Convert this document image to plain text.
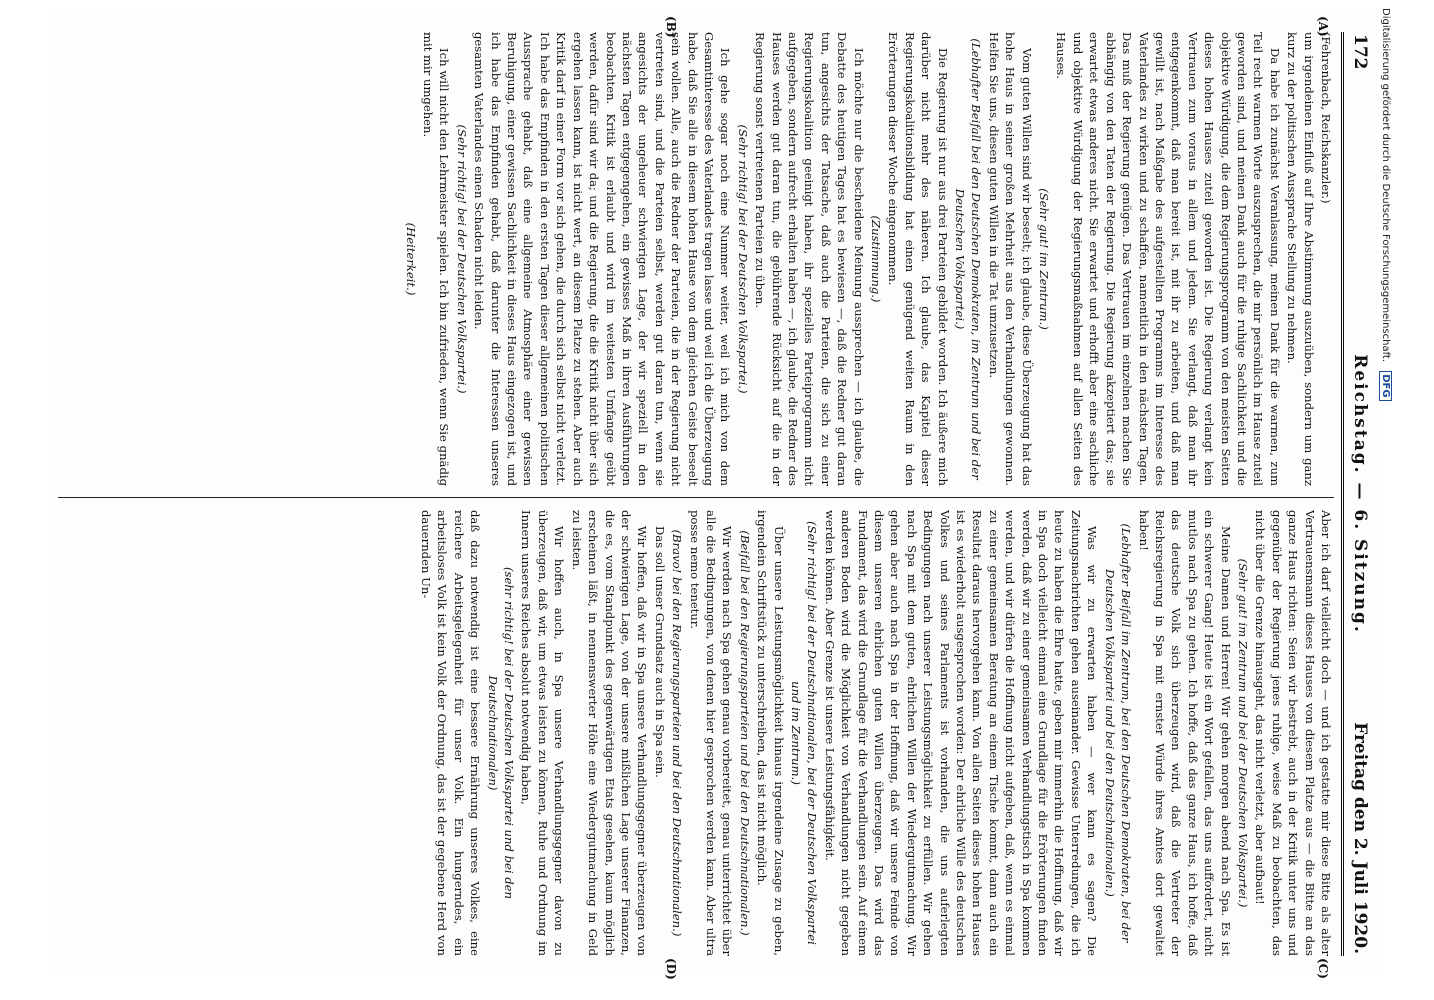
172
Reichstag. — 6. Sitzung.
Freitag den 2. Juli 1920.
(A)
(B)
(C)
(D)

(Fehrenbach, Reichskanzler.)

um irgendeinen Einfluß auf Ihre Abstimmung auszuüben, sondern um ganz kurz zu der politischen Aussprache Stellung zu nehmen.

Da habe ich zunächst Veranlassung, meinen Dank für die warmen, zum Teil recht warmen Worte auszusprechen, die mir persönlich im Hause zuteil geworden sind, und meinen Dank auch für die ruhige Sachlichkeit und die objektive Würdigung, die dem Regierungsprogramm von den meisten Seiten dieses hohen Hauses zuteil geworden ist. Die Regierung verlangt kein Vertrauen zum voraus in allem und jedem. Sie verlangt, daß man ihr entgegenkommt, daß man bereit ist, mit ihr zu arbeiten, und daß man gewillt ist, nach Maßgabe des aufgestellten Programms im Interesse des Vaterlandes zu wirken und zu schaffen, namentlich in den nächsten Tagen. Das muß der Regierung genügen. Das Vertrauen im einzelnen machen Sie abhängig von den Taten der Regierung. Die Regierung akzeptiert das; sie erwartet etwas anderes nicht. Sie erwartet und erhofft aber eine sachliche und objektive Würdigung der Regierungsmaßnahmen auf allen Seiten des Hauses.

(Sehr gut! im Zentrum.)

Vom guten Willen sind wir beseelt; ich glaube, diese Überzeugung hat das hohe Haus in seiner großen Mehrheit aus den Verhandlungen gewonnen. Helfen Sie uns, diesen guten Willen in die Tat umzusetzen.

(Lebhafter Beifall bei den Deutschen Demokraten, im Zentrum und bei der Deutschen Volkspartei.)

Die Regierung ist nur aus drei Parteien gebildet worden. Ich äußere mich darüber nicht mehr des näheren. Ich glaube, das Kapitel dieser Regierungskoalitionsbildung hat einen genügend weiten Raum in den Erörterungen dieser Woche eingenommen.

(Zustimmung.)

Ich möchte nur die bescheidene Meinung aussprechen — ich glaube, die Debatte des heutigen Tages hat es bewiesen —, daß die Redner gut daran tun, angesichts der Tatsache, daß auch die Parteien, die sich zu einer Regierungskoalition geeinigt haben, ihr spezielles Parteiprogramm nicht aufgegeben, sondern aufrecht erhalten haben —, ich glaube, die Redner des Hauses werden gut daran tun, die gebührende Rücksicht auf die in der Regierung sonst vertretenen Parteien zu üben.

(Sehr richtig! bei der Deutschen Volkspartei.)

Ich gehe sogar noch eine Nummer weiter, weil ich mich von dem Gesamtinteresse des Vaterlandes tragen lasse und weil ich die Überzeugung habe, daß Sie alle in diesem hohen Hause von dem gleichen Geiste beseelt sein wollen. Alle, auch die Redner der Parteien, die in der Regierung nicht vertreten sind, und die Parteien selbst, werden gut daran tun, wenn sie angesichts der ungeheuer schwierigen Lage, der wir speziell in den nächsten Tagen entgegengehen, ein gewisses Maß in ihren Ausführungen beobachten. Kritik ist erlaubt und wird im weitesten Umfange geübt werden, dafür sind wir da; und die Regierung, die die Kritik nicht über sich ergehen lassen kann, ist nicht wert, an diesem Platze zu stehen. Aber auch Kritik darf in einer Form vor sich gehen, die durch sich selbst nicht verletzt. Ich habe das Empfinden in den ersten Tagen dieser allgemeinen politischen Aussprache gehabt, daß eine allgemeine Atmosphäre einer gewissen Beruhigung, einer gewissen Sachlichkeit in dieses Haus eingezogen ist, und ich habe das Empfinden gehabt, daß darunter die Interessen unseres gesamten Vaterlandes einen Schaden nicht leiden.

(Sehr richtig! bei der Deutschen Volkspartei.)

Ich will nicht den Lehrmeister spielen. Ich bin zufrieden, wenn Sie gnädig mit mir umgehen.

(Heiterkeit.)

Aber ich darf vielleicht doch — und ich gestatte mir diese Bitte als alter Vertrauensmann dieses Hauses von diesem Platze aus — die Bitte an das ganze Haus richten: Seien wir bestrebt, auch in der Kritik unter uns und gegenüber der Regierung jenes ruhige, weise Maß zu beobachten, das nicht über die Grenze hinausgeht, das nicht verletzt, aber aufbaut!

(Sehr gut! im Zentrum und bei der Deutschen Volkspartei.)

Meine Damen und Herren! Wir gehen morgen abend nach Spa. Es ist ein schwerer Gang! Heute ist ein Wort gefallen, das uns auffordert, nicht mutlos nach Spa zu gehen. Ich hoffe, daß das ganze Haus, ich hoffe, daß das deutsche Volk sich überzeugen wird, daß die Vertreter der Reichsregierung in Spa mit ernster Würde ihres Amtes dort gewaltet haben!

(Lebhafter Beifall im Zentrum, bei den Deutschen Demokraten, bei der Deutschen Volkspartei und bei den Deutschnationalen.)

Was wir zu erwarten haben — wer kann es sagen? Die Zeitungsnachrichten gehen auseinander. Gewisse Unterredungen, die ich heute zu haben die Ehre hatte, geben mir immerhin die Hoffnung, daß wir in Spa doch vielleicht einmal eine Grundlage für die Erörterungen finden werden, daß wir zu einer gemeinsamen Verhandlungstisch in Spa kommen werden, und wir dürfen die Hoffnung nicht aufgeben, daß, wenn es einmal zu einer gemeinsamen Beratung an einem Tische kommt, dann auch ein Resultat daraus hervorgehen kann. Von allen Seiten dieses hohen Hauses ist es wiederholt ausgesprochen worden: Der ehrliche Wille des deutschen Volkes und seines Parlaments ist vorhanden, die uns auferlegten Bedingungen nach unserer Leistungsmöglichkeit zu erfüllen. Wir gehen nach Spa mit dem guten, ehrlichen Willen der Wiedergutmachung. Wir gehen aber auch nach Spa in der Hoffnung, daß wir unsere Feinde von diesem unseren ehrlichen guten Willen überzeugen. Das wird das Fundament, das wird die Grundlage für die Verhandlungen sein. Auf einem anderen Boden wird die Möglichkeit von Verhandlungen nicht gegeben werden können. Aber Grenze ist unsere Leistungsfähigkeit.

(Sehr richtig! bei der Deutschnationalen, bei der Deutschen Volkspartei und im Zentrum.)

Über unsere Leistungsmöglichkeit hinaus irgendeine Zusage zu geben, irgendein Schriftstück zu unterschreiben, das ist nicht möglich.

(Beifall bei den Regierungsparteien und bei den Deutschnationalen.)

Wir werden nach Spa gehen genau vorbereitet, genau unterrichtet über alle die Bedingungen, von denen hier gesprochen werden kann. Aber ultra posse nemo tenetur.

(Bravo! bei den Regierungsparteien und bei den Deutschnationalen.)

Das soll unser Grundsatz auch in Spa sein.

Wir hoffen, daß wir in Spa unsere Verhandlungsgegner überzeugen von der schwierigen Lage, von der unsere mißlichen Lage unserer Finanzen, die es, vom Standpunkt des gegenwärtigen Etats gesehen, kaum möglich erscheinen läßt, in nennenswerter Höhe eine Wiedergutmachung in Geld zu leisten.

Wir hoffen auch, in Spa unsere Verhandlungsgegner davon zu überzeugen, daß wir, um etwas leisten zu können, Ruhe und Ordnung im Innern unseres Reiches absolut notwendig haben,

(sehr richtig! bei der Deutschen Volkspartei und bei den Deutschnationalen)

daß dazu notwendig ist eine bessere Ernährung unseres Volkes, eine reichere Arbeitsgelegenheit für unser Volk. Ein hungerndes, ein arbeitsloses Volk ist kein Volk der Ordnung, das ist der gegebene Herd von dauernden Un-

Digitalisierung gefördert durch die Deutsche Forschungsgemeinschaft. DFG
